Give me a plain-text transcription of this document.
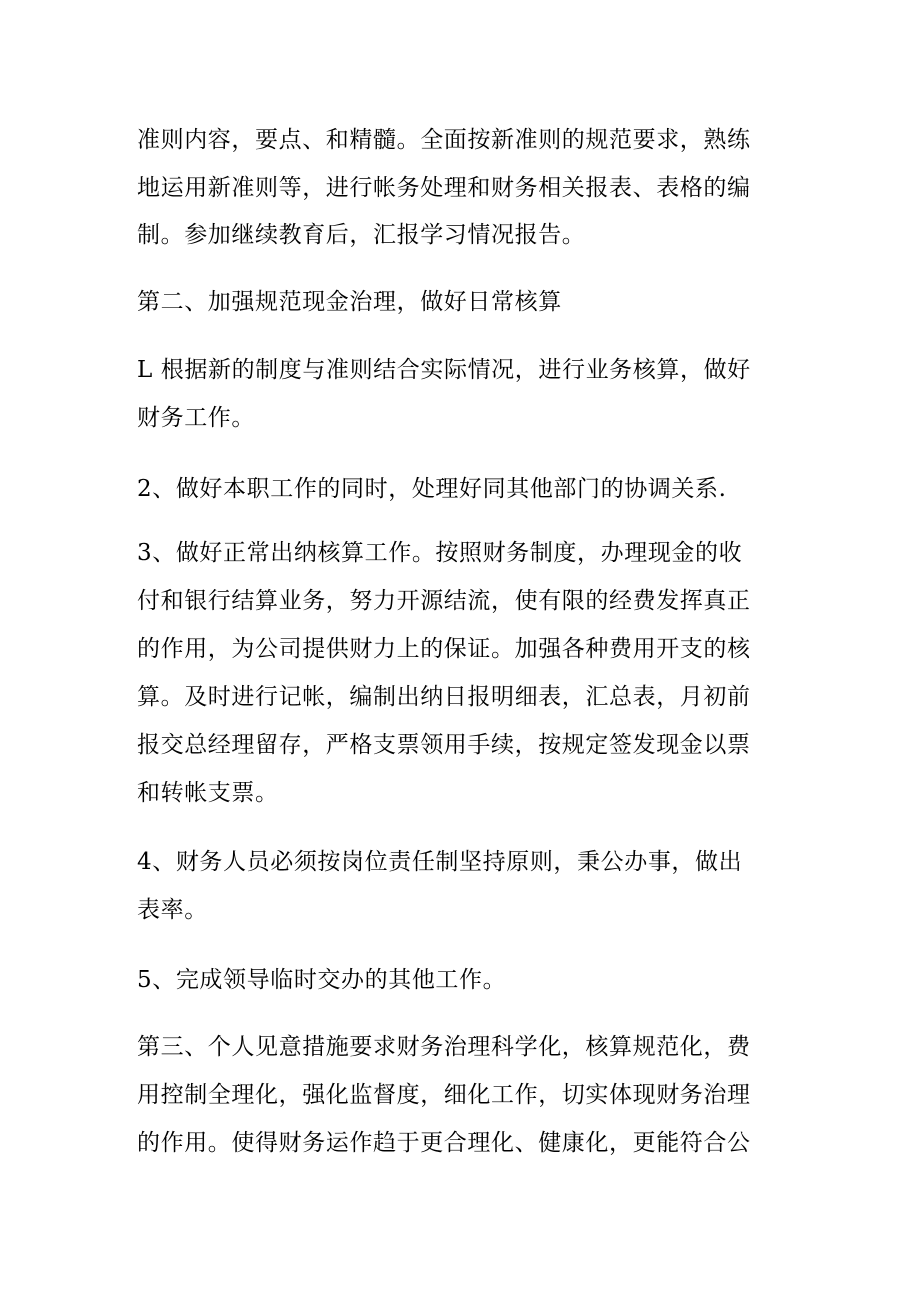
准则内容，要点、和精髓。全面按新准则的规范要求，熟练
地运用新准则等，进行帐务处理和财务相关报表、表格的编
制。参加继续教育后，汇报学习情况报告。
第二、加强规范现金治理，做好日常核算
L 根据新的制度与准则结合实际情况，进行业务核算，做好
财务工作。
2、做好本职工作的同时，处理好同其他部门的协调关系.
3、做好正常出纳核算工作。按照财务制度，办理现金的收
付和银行结算业务，努力开源结流，使有限的经费发挥真正
的作用，为公司提供财力上的保证。加强各种费用开支的核
算。及时进行记帐，编制出纳日报明细表，汇总表，月初前
报交总经理留存，严格支票领用手续，按规定签发现金以票
和转帐支票。
4、财务人员必须按岗位责任制坚持原则，秉公办事，做出
表率。
5、完成领导临时交办的其他工作。
第三、个人见意措施要求财务治理科学化，核算规范化，费
用控制全理化，强化监督度，细化工作，切实体现财务治理
的作用。使得财务运作趋于更合理化、健康化，更能符合公
